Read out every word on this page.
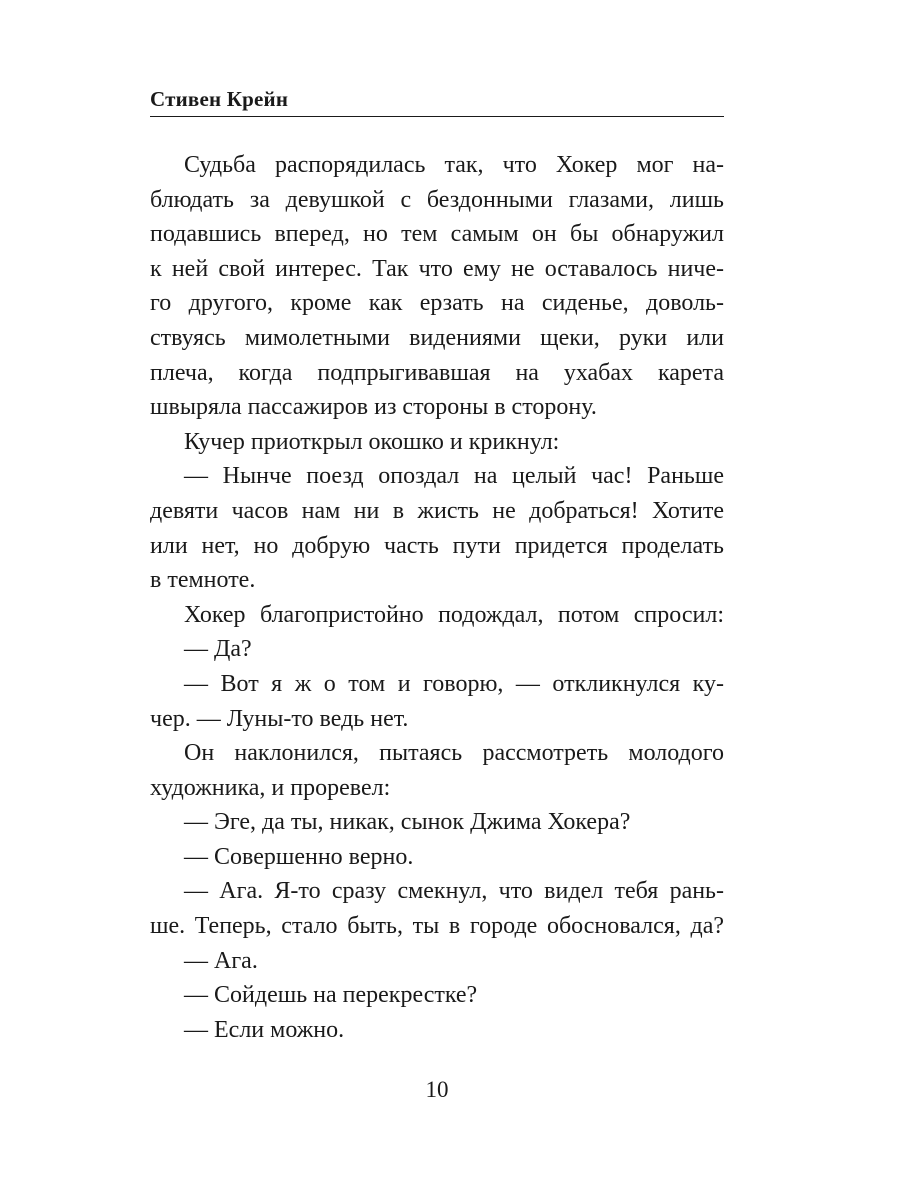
Стивен Крейн
Судьба распорядилась так, что Хокер мог на-
блюдать за девушкой с бездонными глазами, лишь
подавшись вперед, но тем самым он бы обнаружил
к ней свой интерес. Так что ему не оставалось ниче-
го другого, кроме как ерзать на сиденье, доволь-
ствуясь мимолетными видениями щеки, руки или
плеча, когда подпрыгивавшая на ухабах карета
швыряла пассажиров из стороны в сторону.
Кучер приоткрыл окошко и крикнул:
— Нынче поезд опоздал на целый час! Раньше
девяти часов нам ни в жисть не добраться! Хотите
или нет, но добрую часть пути придется проделать
в темноте.
Хокер благопристойно подождал, потом спросил:
— Да?
— Вот я ж о том и говорю, — откликнулся ку-
чер. — Луны-то ведь нет.
Он наклонился, пытаясь рассмотреть молодого
художника, и проревел:
— Эге, да ты, никак, сынок Джима Хокера?
— Совершенно верно.
— Ага. Я-то сразу смекнул, что видел тебя рань-
ше. Теперь, стало быть, ты в городе обосновался, да?
— Ага.
— Сойдешь на перекрестке?
— Если можно.
10
